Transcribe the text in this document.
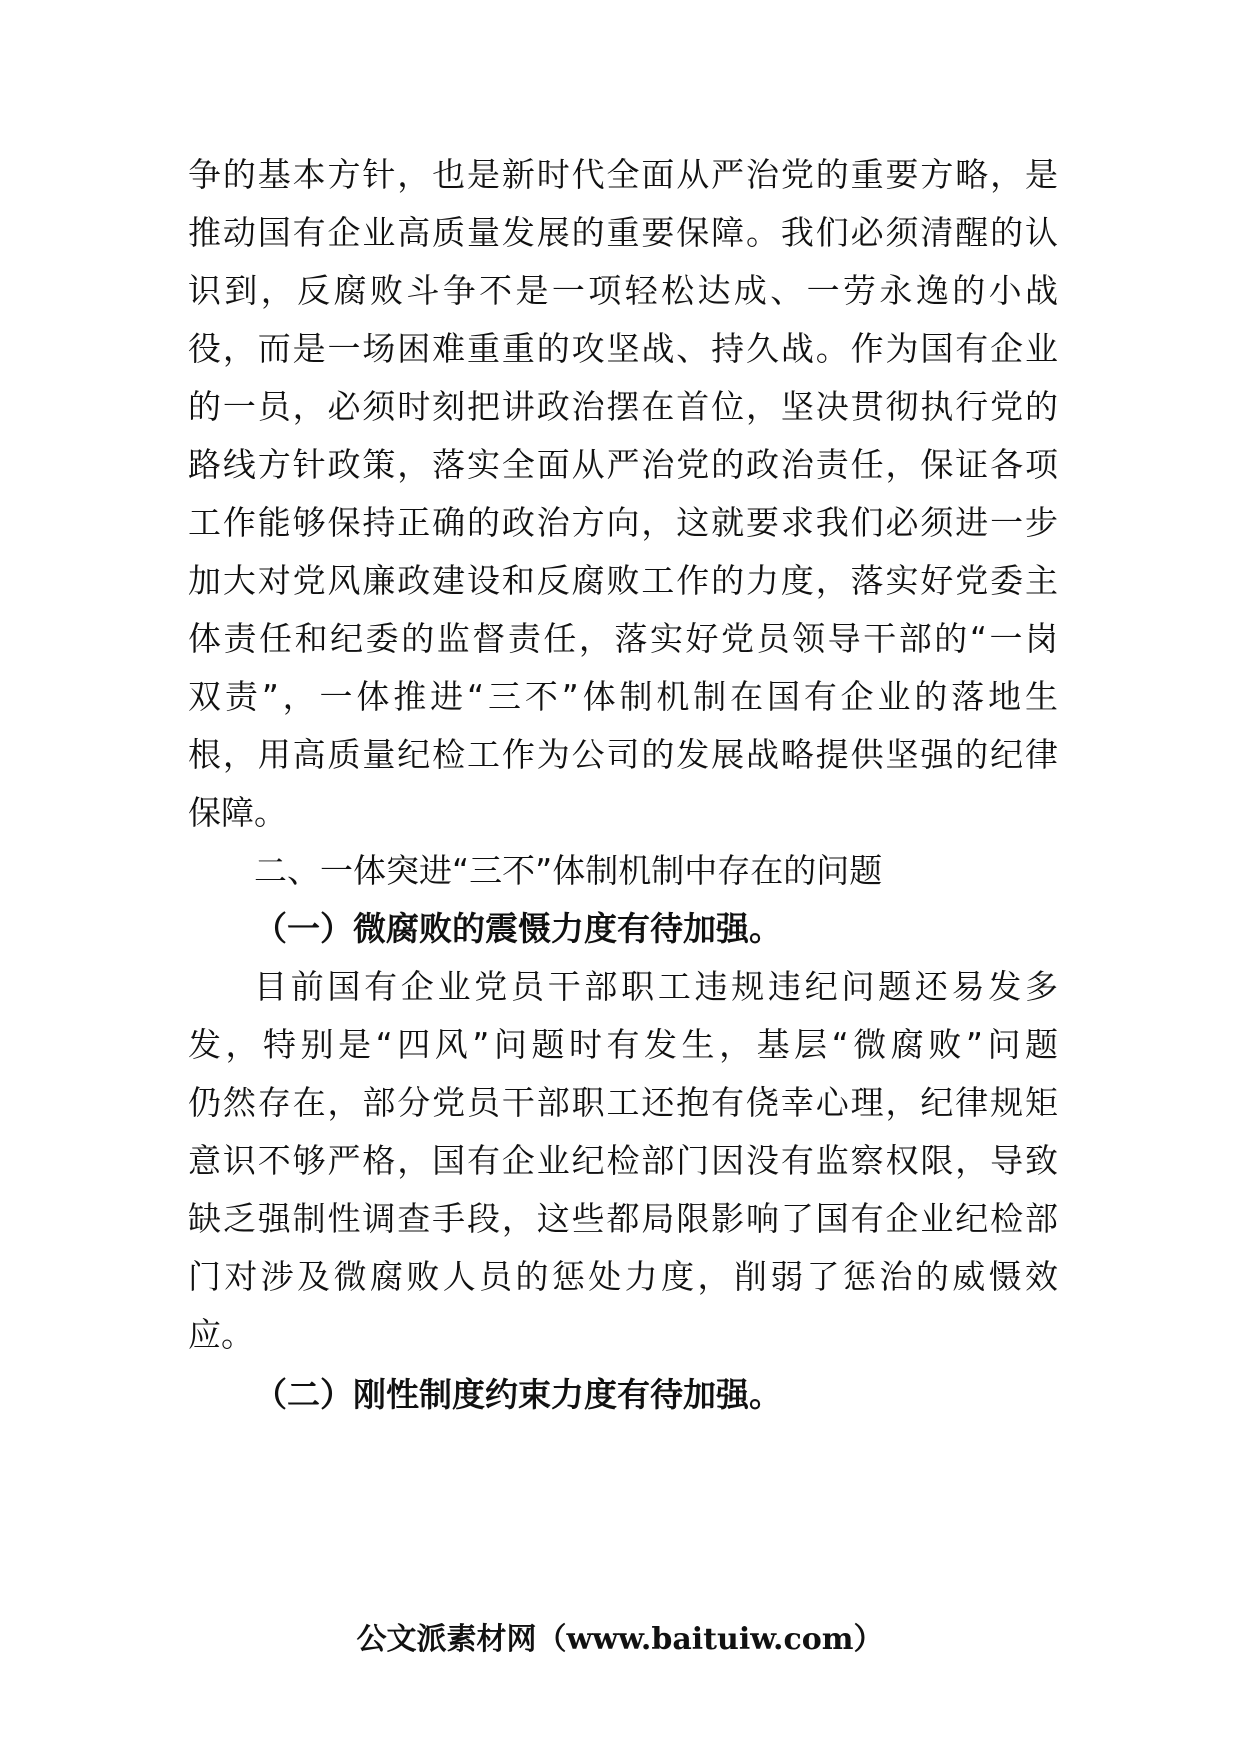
争的基本方针，也是新时代全面从严治党的重要方略，是
推动国有企业高质量发展的重要保障。我们必须清醒的认
识到，反腐败斗争不是一项轻松达成、一劳永逸的小战
役，而是一场困难重重的攻坚战、持久战。作为国有企业
的一员，必须时刻把讲政治摆在首位，坚决贯彻执行党的
路线方针政策，落实全面从严治党的政治责任，保证各项
工作能够保持正确的政治方向，这就要求我们必须进一步
加大对党风廉政建设和反腐败工作的力度，落实好党委主
体责任和纪委的监督责任，落实好党员领导干部的“一岗
双责”，一体推进“三不”体制机制在国有企业的落地生
根，用高质量纪检工作为公司的发展战略提供坚强的纪律
保障。
二、一体突进“三不”体制机制中存在的问题
（一）微腐败的震慑力度有待加强。
目前国有企业党员干部职工违规违纪问题还易发多
发，特别是“四风”问题时有发生，基层“微腐败”问题
仍然存在，部分党员干部职工还抱有侥幸心理，纪律规矩
意识不够严格，国有企业纪检部门因没有监察权限，导致
缺乏强制性调查手段，这些都局限影响了国有企业纪检部
门对涉及微腐败人员的惩处力度，削弱了惩治的威慑效
应。
（二）刚性制度约束力度有待加强。
公文派素材网（www.baituiw.com）
